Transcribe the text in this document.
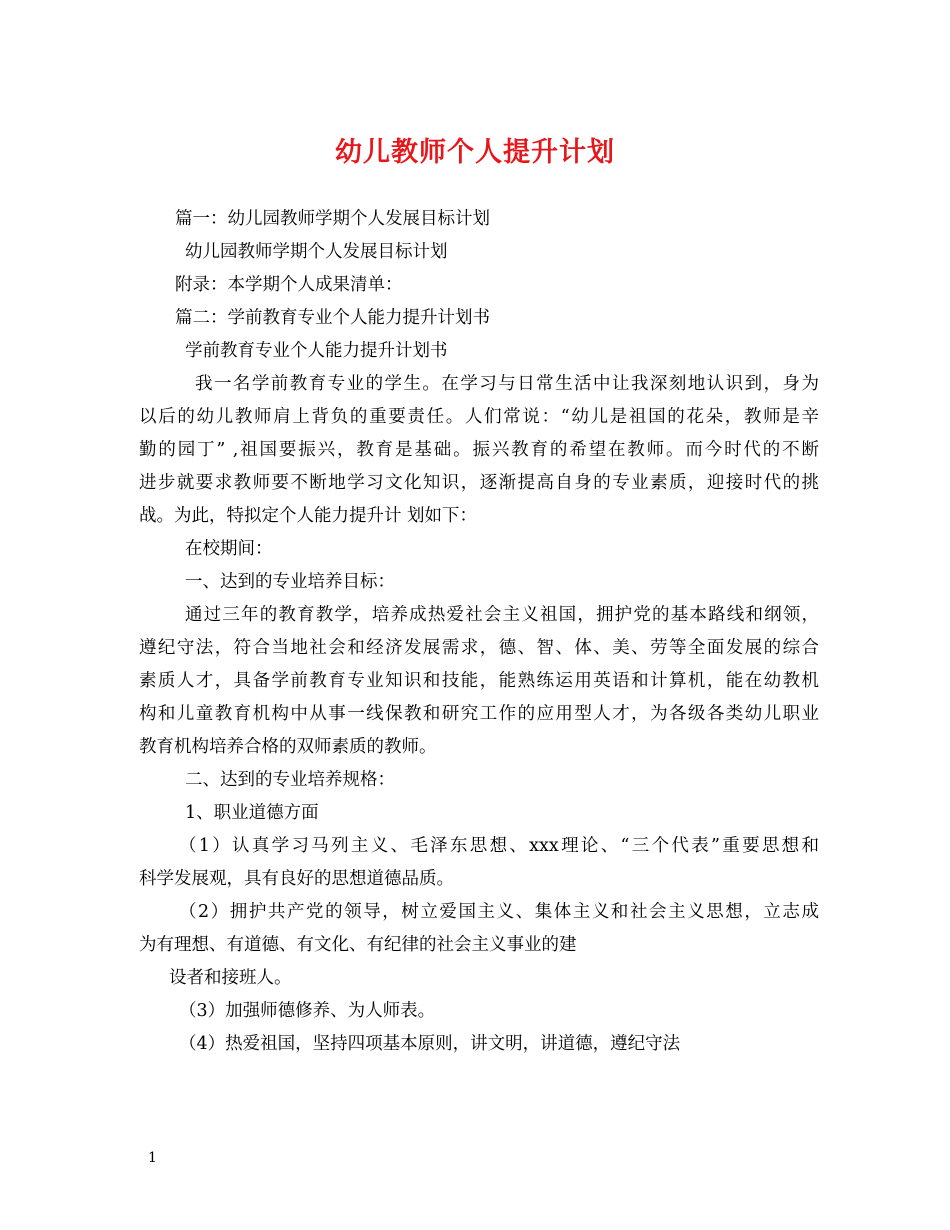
幼儿教师个人提升计划
篇一：幼儿园教师学期个人发展目标计划
幼儿园教师学期个人发展目标计划
附录：本学期个人成果清单：
篇二：学前教育专业个人能力提升计划书
学前教育专业个人能力提升计划书
我一名学前教育专业的学生。在学习与日常生活中让我深刻地认识到，身为
以后的幼儿教师肩上背负的重要责任。人们常说：“幼儿是祖国的花朵，教师是辛
勤的园丁” ,祖国要振兴，教育是基础。振兴教育的希望在教师。而今时代的不断
进步就要求教师要不断地学习文化知识，逐渐提高自身的专业素质，迎接时代的挑
战。为此，特拟定个人能力提升计 划如下：
在校期间：
一、达到的专业培养目标：
通过三年的教育教学，培养成热爱社会主义祖国，拥护党的基本路线和纲领，
遵纪守法，符合当地社会和经济发展需求，德、智、体、美、劳等全面发展的综合
素质人才，具备学前教育专业知识和技能，能熟练运用英语和计算机，能在幼教机
构和儿童教育机构中从事一线保教和研究工作的应用型人才，为各级各类幼儿职业
教育机构培养合格的双师素质的教师。
二、达到的专业培养规格：
1、职业道德方面
（1）认真学习马列主义、毛泽东思想、xxx理论、“三个代表”重要思想和
科学发展观，具有良好的思想道德品质。
（2）拥护共产党的领导，树立爱国主义、集体主义和社会主义思想，立志成
为有理想、有道德、有文化、有纪律的社会主义事业的建
设者和接班人。
（3）加强师德修养、为人师表。
（4）热爱祖国，坚持四项基本原则，讲文明，讲道德，遵纪守法
1
